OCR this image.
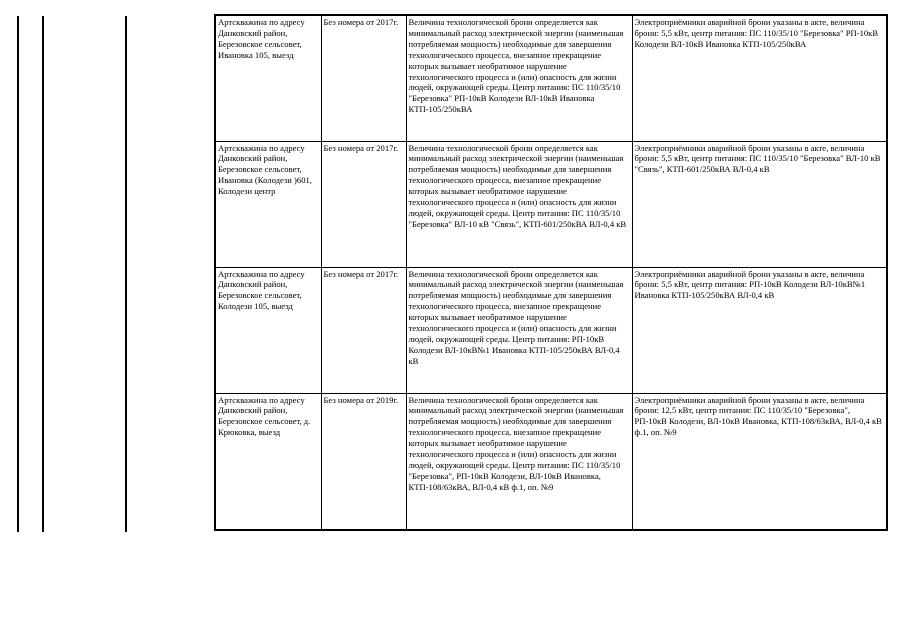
Артскважина по адресу Данковский район, Березовское сельсовет, Ивановка 105, выезд	Без номера от 2017г.	Величина технологической брони определяется как минимальный расход электрической энергии (наименьшая потребляемая мощность) необходимые для завершения технологического процесса, внезапное прекращение которых вызывает необратимое нарушение технологического процесса и (или) опасность для жизни людей, окружающей среды. Центр питания: ПС 110/35/10 "Березовка" РП-10кВ Колодези ВЛ-10кВ Ивановка КТП-105/250кВА	Электроприёмники аварийной брони указаны в акте, величина брони: 5,5 кВт, центр питания: ПС 110/35/10 "Березовка" РП-10кВ Колодези ВЛ-10кВ Ивановка КТП-105/250кВА
Артскважина по адресу Данковский район, Березовское сельсовет, Ивановка (Колодези )601, Колодези центр	Без номера от 2017г.	Величина технологической брони определяется как минимальный расход электрической энергии (наименьшая потребляемая мощность) необходимые для завершения технологического процесса, внезапное прекращение которых вызывает необратимое нарушение технологического процесса и (или) опасность для жизни людей, окружающей среды. Центр питания: ПС 110/35/10 "Березовка" ВЛ-10 кВ "Связь", КТП-601/250кВА ВЛ-0,4 кВ	Электроприёмники аварийной брони указаны в акте, величина брони: 5,5 кВт, центр питания: ПС 110/35/10 "Березовка" ВЛ-10 кВ "Связь", КТП-601/250кВА ВЛ-0,4 кВ
Артскважина по адресу Данковский район, Березовское сельсовет, Колодези 105, выезд	Без номера от 2017г.	Величина технологической брони определяется как минимальный расход электрической энергии (наименьшая потребляемая мощность) необходимые для завершения технологического процесса, внезапное прекращение которых вызывает необратимое нарушение технологического процесса и (или) опасность для жизни людей, окружающей среды. Центр питания: РП-10кВ Колодези ВЛ-10кВ№1 Ивановка КТП-105/250кВА ВЛ-0,4 кВ	Электроприёмники аварийной брони указаны в акте, величина брони: 5,5 кВт, центр питания: РП-10кВ Колодези ВЛ-10кВ№1 Ивановка КТП-105/250кВА ВЛ-0,4 кВ
Артскважина по адресу Данковский район, Березовское сельсовет, д. Крюковка, выезд	Без номера от 2019г.	Величина технологической брони определяется как минимальный расход электрической энергии (наименьшая потребляемая мощность) необходимые для завершения технологического процесса, внезапное прекращение которых вызывает необратимое нарушение технологического процесса и (или) опасность для жизни людей, окружающей среды. Центр питания: ПС 110/35/10 "Березовка", РП-10кВ Колодези, ВЛ-10кВ Ивановка, КТП-108/63кВА, ВЛ-0,4 кВ ф.1, оп. №9	Электроприёмники аварийной брони указаны в акте, величина брони: 12,5 кВт, центр питания: ПС 110/35/10 "Березовка", РП-10кВ Колодези, ВЛ-10кВ Ивановка, КТП-108/63кВА, ВЛ-0,4 кВ ф.1, оп. №9
